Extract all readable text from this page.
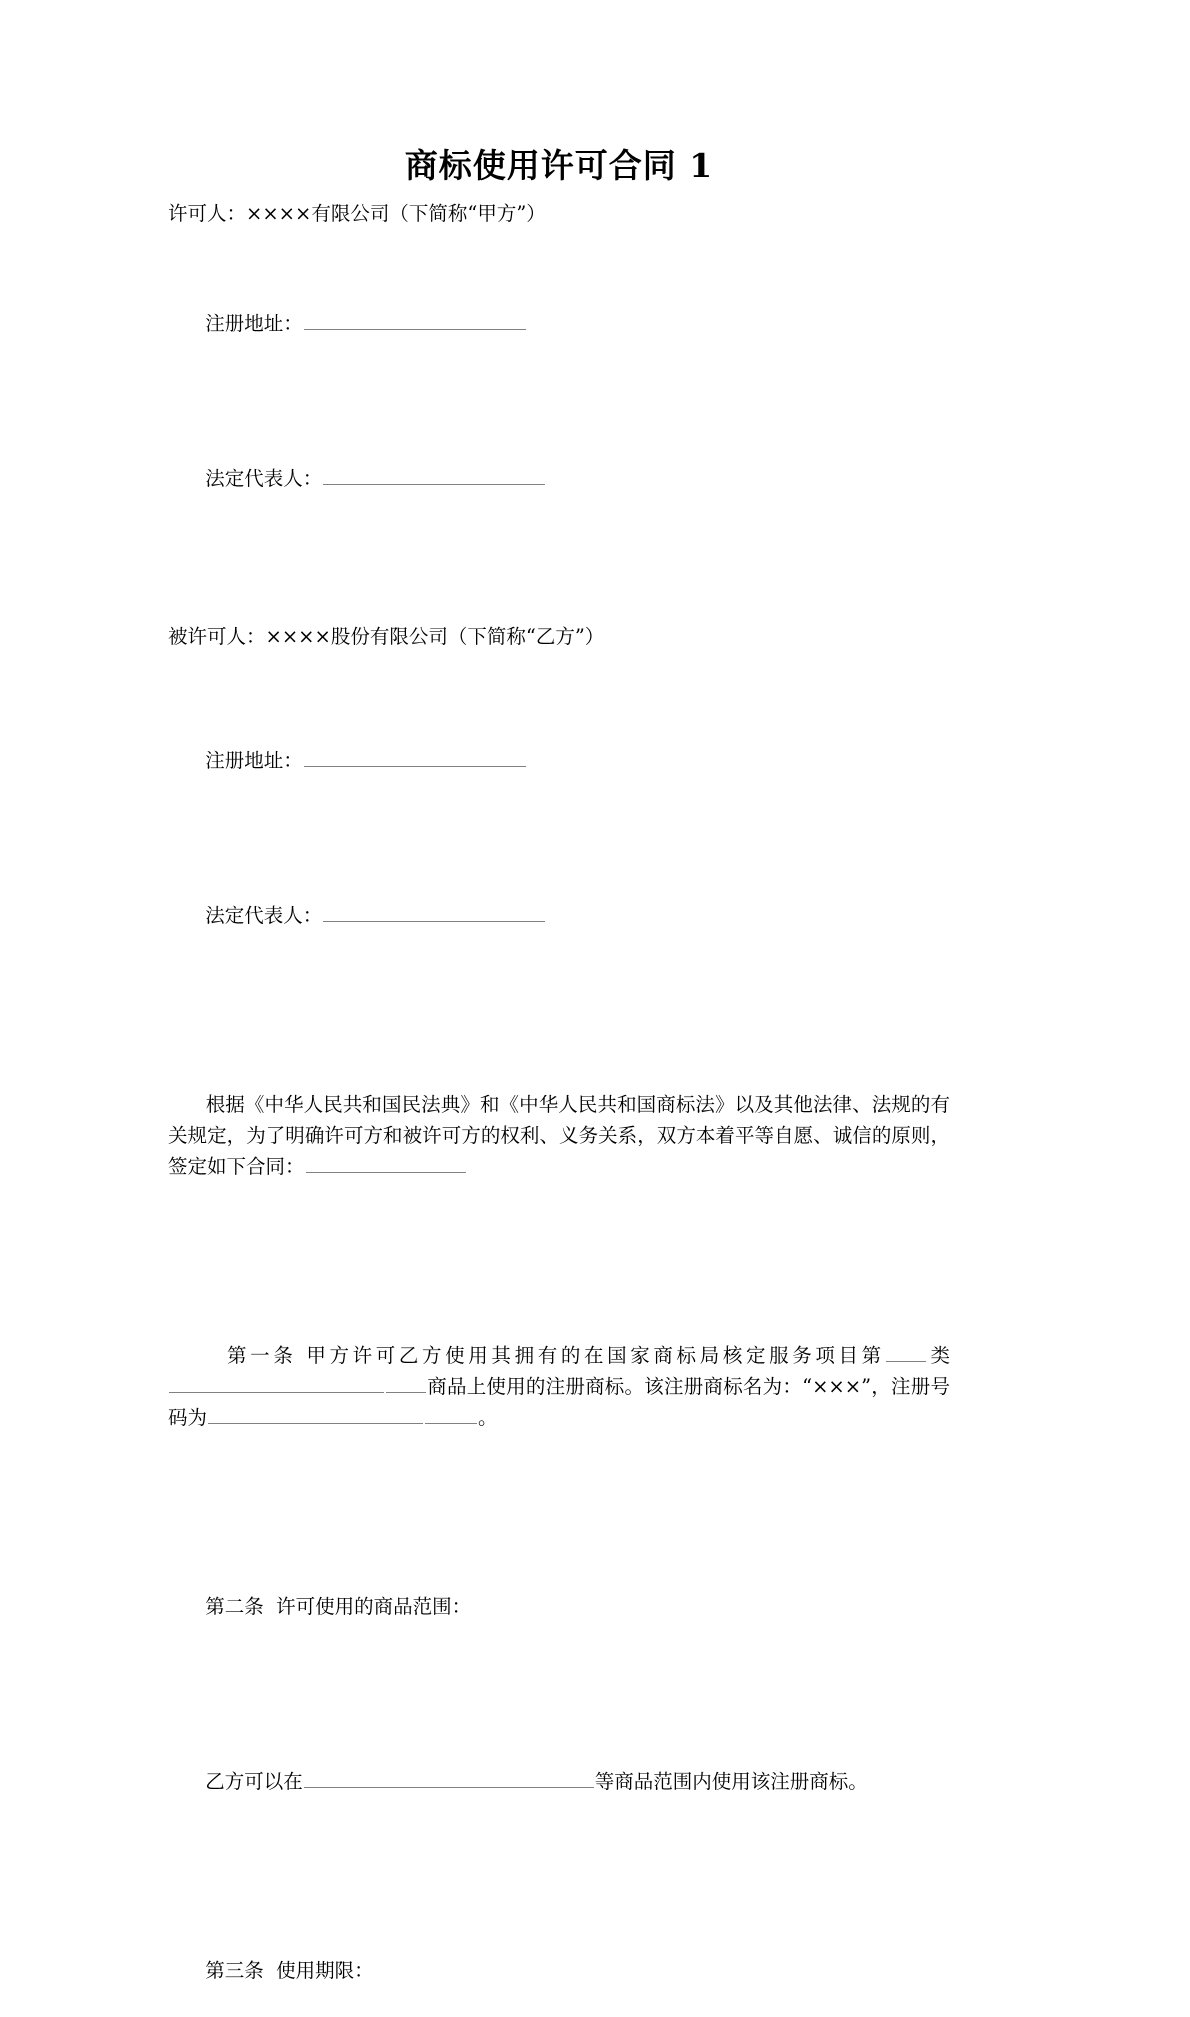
商标使用许可合同 1

许可人：××××有限公司（下简称“甲方”）

注册地址：

法定代表人：

被许可人：××××股份有限公司（下简称“乙方”）

注册地址：

法定代表人：

根据《中华人民共和国民法典》和《中华人民共和国商标法》以及其他法律、法规的有关规定，为了明确许可方和被许可方的权利、义务关系，双方本着平等自愿、诚信的原则，签定如下合同：

第一条 甲方许可乙方使用其拥有的在国家商标局核定服务项目第 类商品上使用的注册商标。该注册商标名为：“×××”，注册号码为	。

第二条 许可使用的商品范围：

乙方可以在	等商品范围内使用该注册商标。

第三条 使用期限：
